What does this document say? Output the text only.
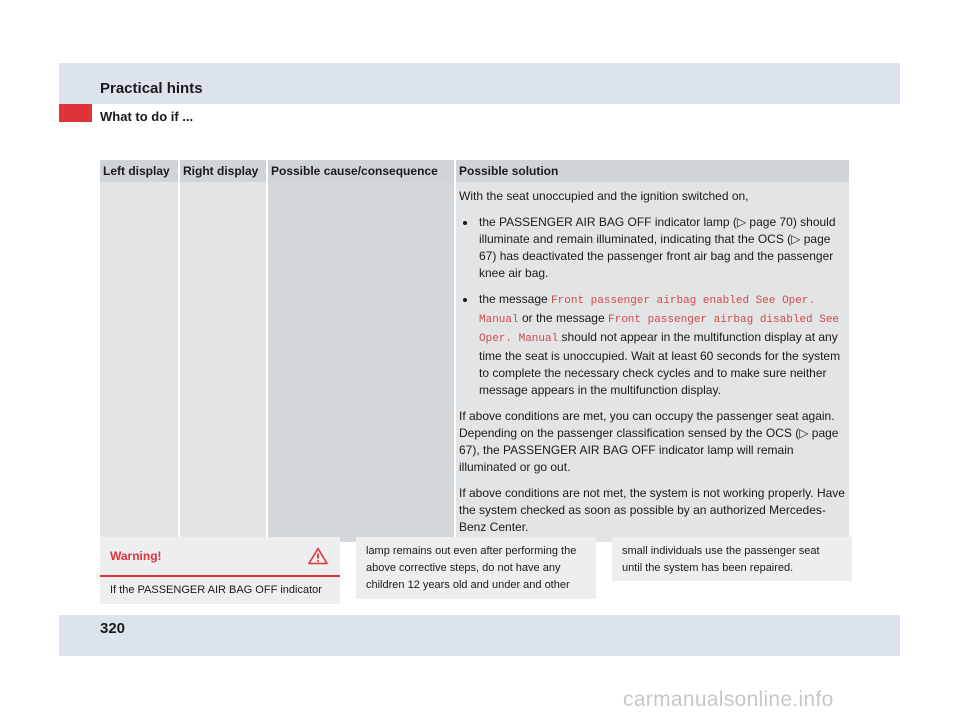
Practical hints
What to do if ...
Left display	Right display	Possible cause/consequence	Possible solution

			With the seat unoccupied and the ignition switched on,

the PASSENGER AIR BAG OFF indicator lamp (▷ page 70) should illuminate and remain illuminated, indicating that the OCS (▷ page 67) has deactivated the passenger front air bag and the passenger knee air bag.
the message Front passenger airbag enabled See Oper. Manual or the message Front passenger airbag disabled See Oper. Manual should not appear in the multifunction display at any time the seat is unoccupied. Wait at least 60 seconds for the system to complete the necessary check cycles and to make sure neither message appears in the multifunction display.

If above conditions are met, you can occupy the passenger seat again. Depending on the passenger classification sensed by the OCS (▷ page 67), the PASSENGER AIR BAG OFF indicator lamp will remain illuminated or go out.

If above conditions are not met, the system is not working properly. Have the system checked as soon as possible by an authorized Mercedes-Benz Center.

Warning!
If the PASSENGER AIR BAG OFF indicator
lamp remains out even after performing the above corrective steps, do not have any children 12 years old and under and other
small individuals use the passenger seat until the system has been repaired.
320
carmanualsonline.info
